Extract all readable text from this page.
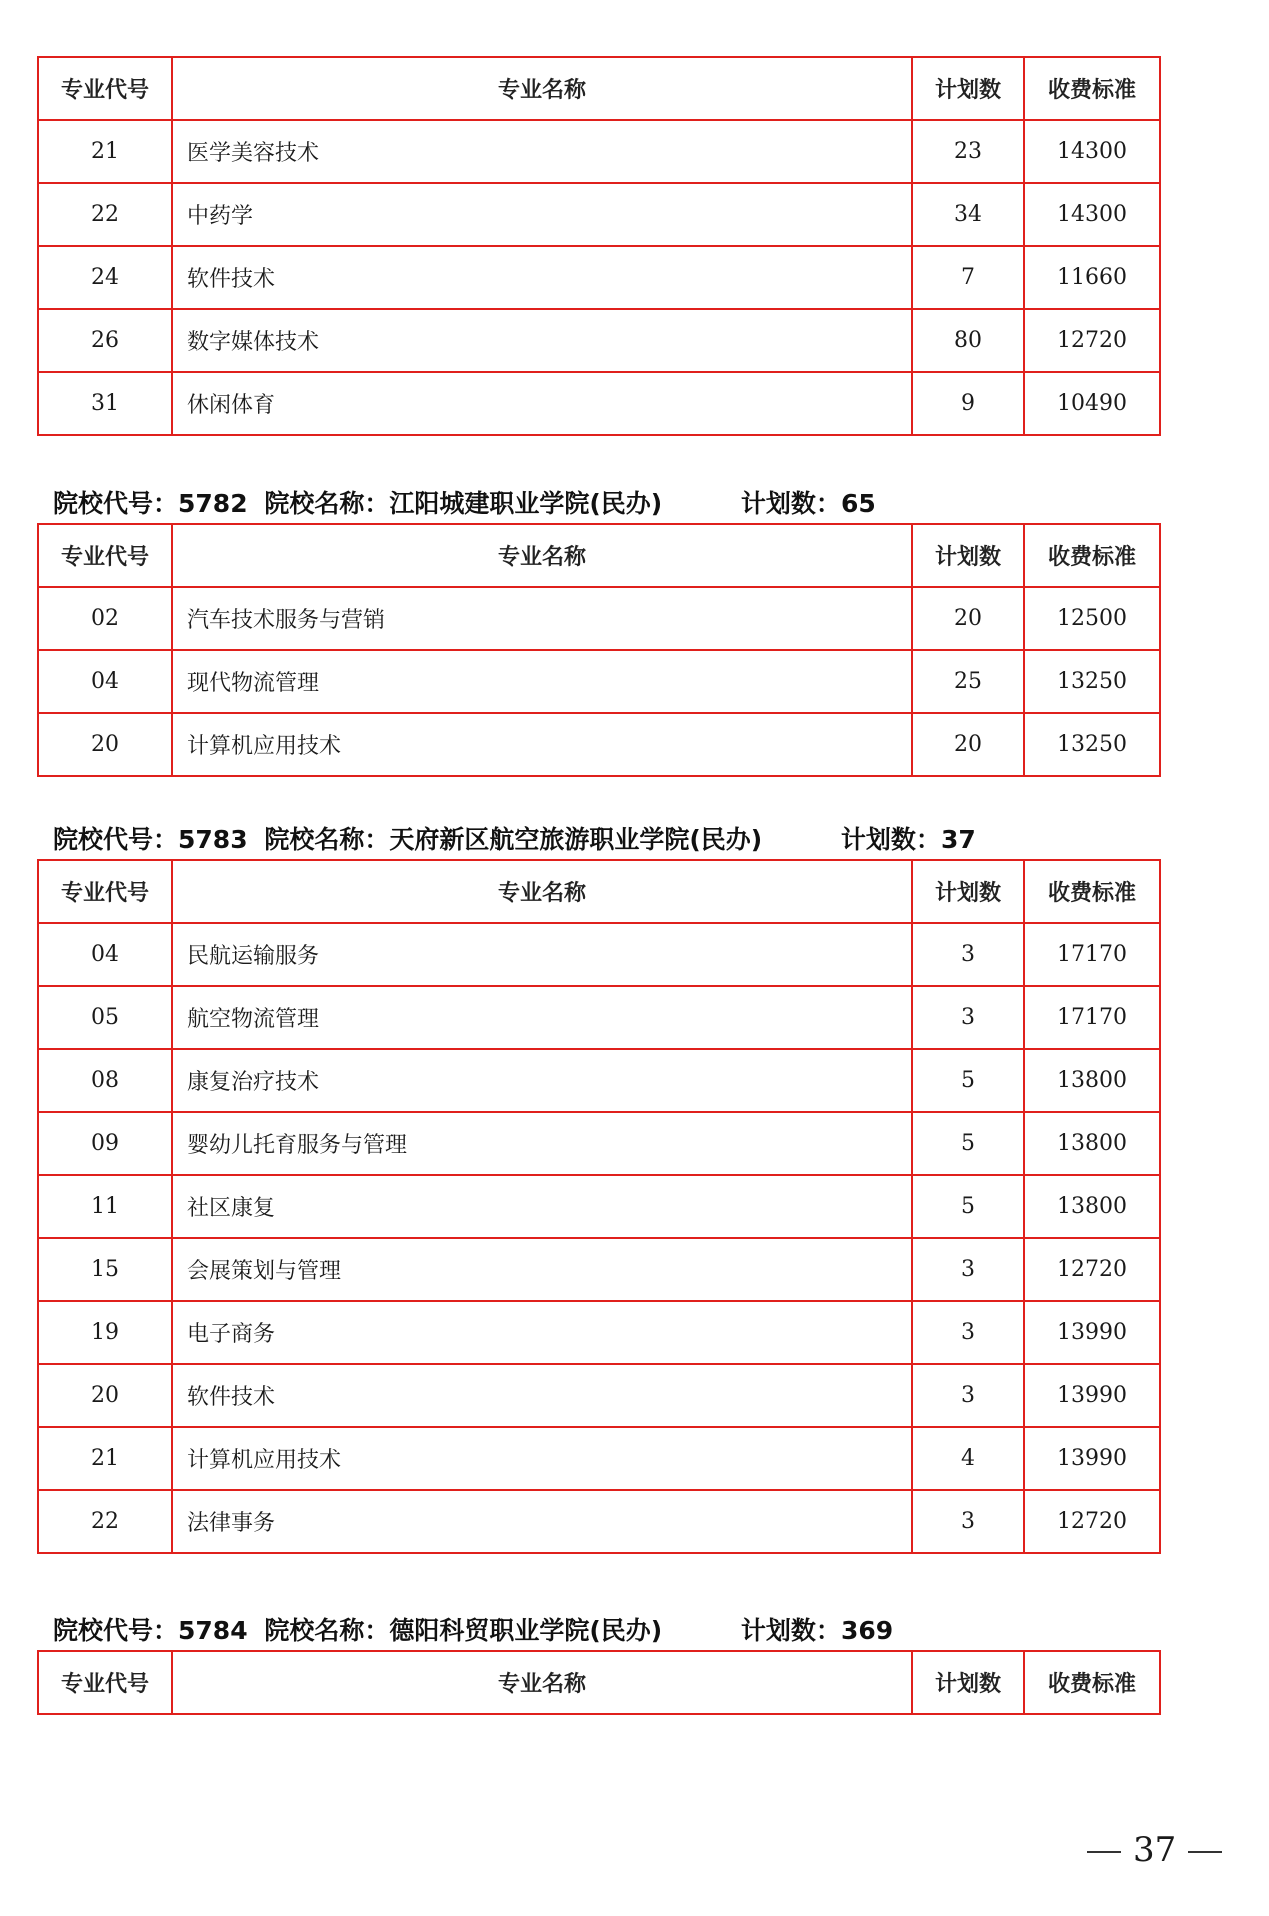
专业代号	专业名称	计划数	收费标准
21	医学美容技术	23	14300
22	中药学	34	14300
24	软件技术	7	11660
26	数字媒体技术	80	12720
31	休闲体育	9	10490
院校代号：5782 院校名称：江阳城建职业学院(民办)	计划数：65
专业代号	专业名称	计划数	收费标准
02	汽车技术服务与营销	20	12500
04	现代物流管理	25	13250
20	计算机应用技术	20	13250
院校代号：5783 院校名称：天府新区航空旅游职业学院(民办)	计划数：37
专业代号	专业名称	计划数	收费标准
04	民航运输服务	3	17170
05	航空物流管理	3	17170
08	康复治疗技术	5	13800
09	婴幼儿托育服务与管理	5	13800
11	社区康复	5	13800
15	会展策划与管理	3	12720
19	电子商务	3	13990
20	软件技术	3	13990
21	计算机应用技术	4	13990
22	法律事务	3	12720
院校代号：5784 院校名称：德阳科贸职业学院(民办)	计划数：369
专业代号	专业名称	计划数	收费标准
37
